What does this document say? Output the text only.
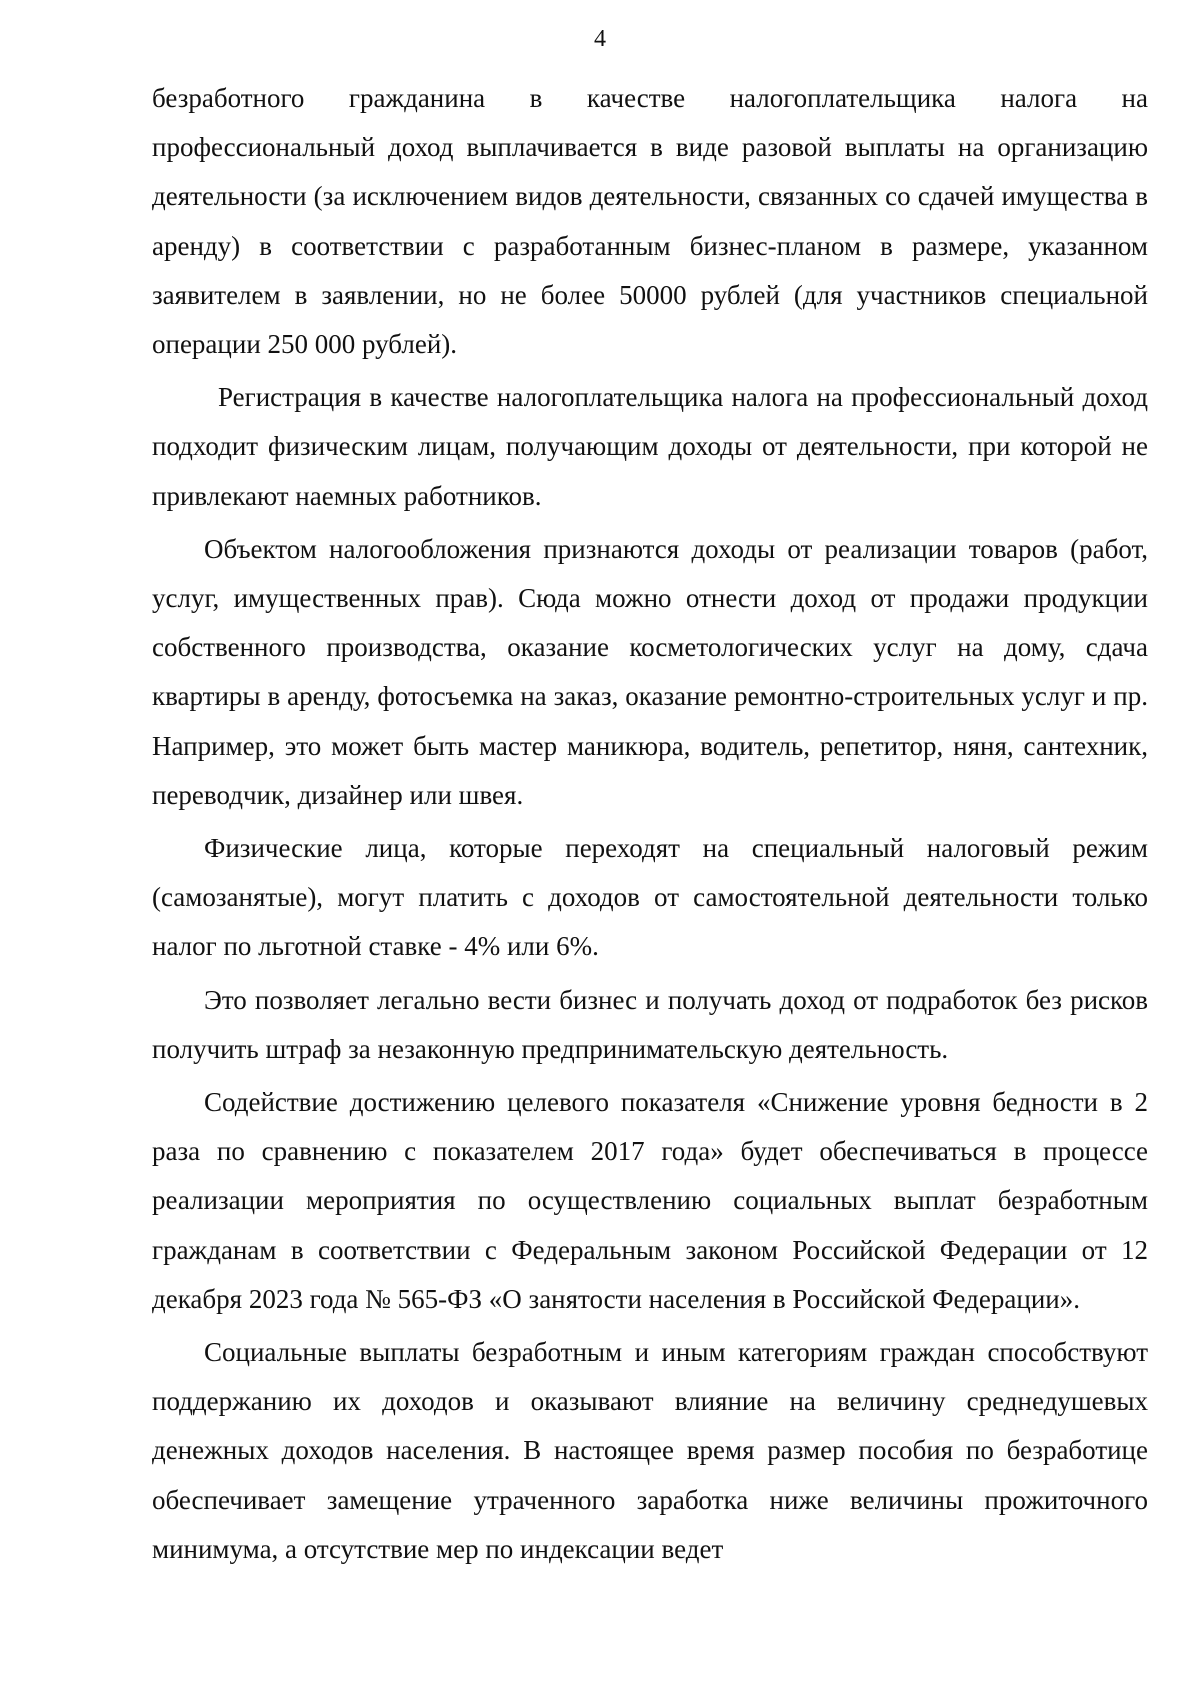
4

безработного гражданина в качестве налогоплательщика налога на профессиональный доход выплачивается в виде разовой выплаты на организацию деятельности (за исключением видов деятельности, связанных со сдачей имущества в аренду) в соответствии с разработанным бизнес-планом в размере, указанном заявителем в заявлении, но не более 50000 рублей (для участников специальной операции 250 000 рублей).

Регистрация в качестве налогоплательщика налога на профессиональный доход подходит физическим лицам, получающим доходы от деятельности, при которой не привлекают наемных работников.

Объектом налогообложения признаются доходы от реализации товаров (работ, услуг, имущественных прав). Сюда можно отнести доход от продажи продукции собственного производства, оказание косметологических услуг на дому, сдача квартиры в аренду, фотосъемка на заказ, оказание ремонтно-строительных услуг и пр. Например, это может быть мастер маникюра, водитель, репетитор, няня, сантехник, переводчик, дизайнер или швея.

Физические лица, которые переходят на специальный налоговый режим (самозанятые), могут платить с доходов от самостоятельной деятельности только налог по льготной ставке - 4% или 6%.

Это позволяет легально вести бизнес и получать доход от подработок без рисков получить штраф за незаконную предпринимательскую деятельность.

Содействие достижению целевого показателя «Снижение уровня бедности в 2 раза по сравнению с показателем 2017 года» будет обеспечиваться в процессе реализации мероприятия по осуществлению социальных выплат безработным гражданам в соответствии с Федеральным законом Российской Федерации от 12 декабря 2023 года № 565-ФЗ «О занятости населения в Российской Федерации».

Социальные выплаты безработным и иным категориям граждан способствуют поддержанию их доходов и оказывают влияние на величину среднедушевых денежных доходов населения. В настоящее время размер пособия по безработице обеспечивает замещение утраченного заработка ниже величины прожиточного минимума, а отсутствие мер по индексации ведет
